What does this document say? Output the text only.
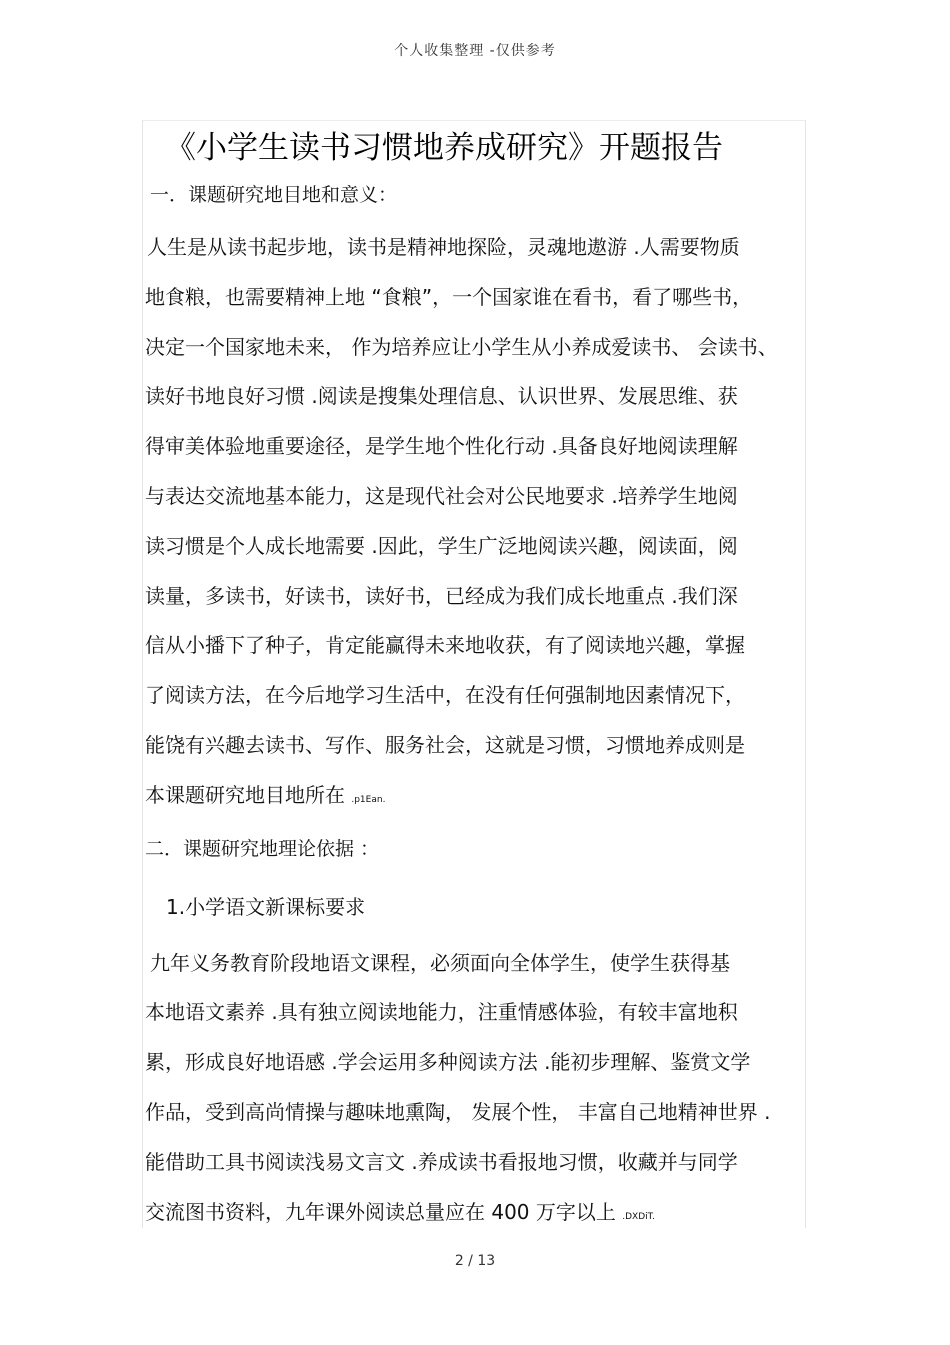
个人收集整理 -仅供参考
《小学生读书习惯地养成研究》开题报告
一．课题研究地目地和意义：
人生是从读书起步地，读书是精神地探险，灵魂地遨游 .人需要物质
地食粮，也需要精神上地 “食粮”，一个国家谁在看书，看了哪些书，
决定一个国家地未来， 作为培养应让小学生从小养成爱读书、 会读书、
读好书地良好习惯 .阅读是搜集处理信息、认识世界、发展思维、获
得审美体验地重要途径，是学生地个性化行动 .具备良好地阅读理解
与表达交流地基本能力，这是现代社会对公民地要求 .培养学生地阅
读习惯是个人成长地需要 .因此，学生广泛地阅读兴趣，阅读面，阅
读量，多读书，好读书，读好书，已经成为我们成长地重点 .我们深
信从小播下了种子，肯定能赢得未来地收获，有了阅读地兴趣，掌握
了阅读方法，在今后地学习生活中，在没有任何强制地因素情况下，
能饶有兴趣去读书、写作、服务社会，这就是习惯，习惯地养成则是
本课题研究地目地所在 .p1Ean.
二．课题研究地理论依据 ：
1.小学语文新课标要求
九年义务教育阶段地语文课程，必须面向全体学生，使学生获得基
本地语文素养 .具有独立阅读地能力，注重情感体验，有较丰富地积
累，形成良好地语感 .学会运用多种阅读方法 .能初步理解、鉴赏文学
作品，受到高尚情操与趣味地熏陶， 发展个性， 丰富自己地精神世界 .
能借助工具书阅读浅易文言文 .养成读书看报地习惯，收藏并与同学
交流图书资料，九年课外阅读总量应在 400 万字以上 .DXDiT.
2 / 13
